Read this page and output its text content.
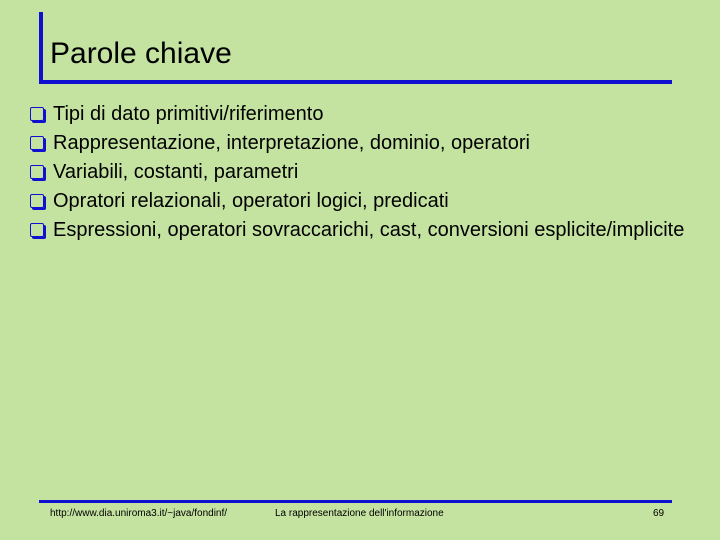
Parole chiave
Tipi di dato primitivi/riferimento
Rappresentazione, interpretazione, dominio, operatori
Variabili, costanti, parametri
Opratori relazionali, operatori logici, predicati
Espressioni, operatori sovraccarichi, cast, conversioni esplicite/implicite
http://www.dia.uniroma3.it/~java/fondinf/	La rappresentazione dell'informazione	69
